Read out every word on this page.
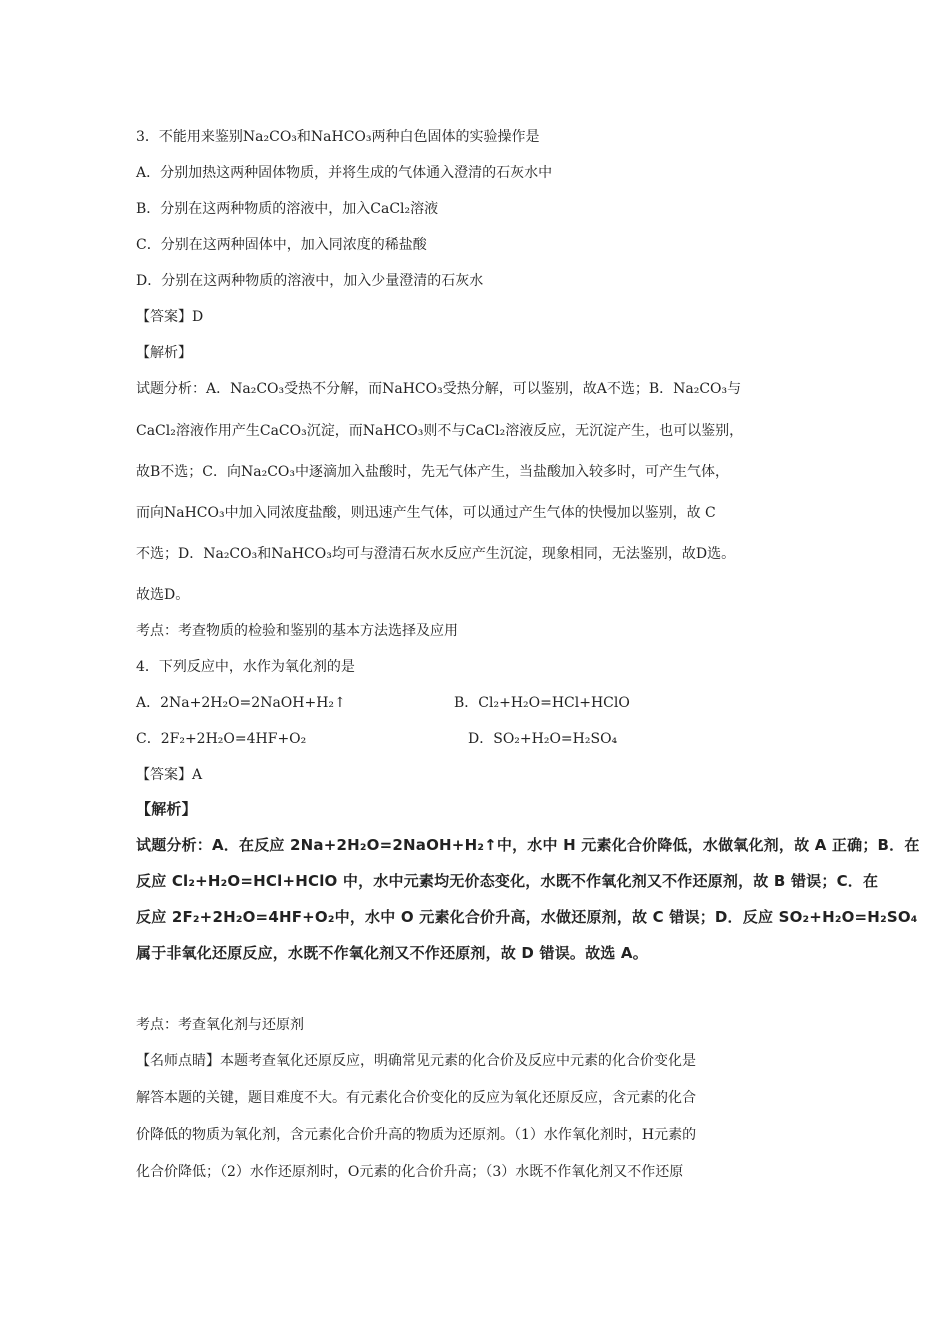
3．不能用来鉴别Na₂CO₃和NaHCO₃两种白色固体的实验操作是
A．分别加热这两种固体物质，并将生成的气体通入澄清的石灰水中
B．分别在这两种物质的溶液中，加入CaCl₂溶液
C．分别在这两种固体中，加入同浓度的稀盐酸
D．分别在这两种物质的溶液中，加入少量澄清的石灰水
【答案】D
【解析】
试题分析：A．Na₂CO₃受热不分解，而NaHCO₃受热分解，可以鉴别，故A不选；B．Na₂CO₃与
CaCl₂溶液作用产生CaCO₃沉淀，而NaHCO₃则不与CaCl₂溶液反应，无沉淀产生，也可以鉴别，
故B不选；C．向Na₂CO₃中逐滴加入盐酸时，先无气体产生，当盐酸加入较多时，可产生气体，
而向NaHCO₃中加入同浓度盐酸，则迅速产生气体，可以通过产生气体的快慢加以鉴别，故 C
不选；D．Na₂CO₃和NaHCO₃均可与澄清石灰水反应产生沉淀，现象相同，无法鉴别，故D选。
故选D。
考点：考查物质的检验和鉴别的基本方法选择及应用
4．下列反应中，水作为氧化剂的是
A．2Na+2H₂O=2NaOH+H₂↑	B．Cl₂+H₂O=HCl+HClO
C．2F₂+2H₂O=4HF+O₂	D．SO₂+H₂O=H₂SO₄
【答案】A
【解析】
试题分析：A．在反应 2Na+2H₂O=2NaOH+H₂↑中，水中 H 元素化合价降低，水做氧化剂，故 A 正确；B．在
反应 Cl₂+H₂O=HCl+HClO 中，水中元素均无价态变化，水既不作氧化剂又不作还原剂，故 B 错误；C．在
反应 2F₂+2H₂O=4HF+O₂中，水中 O 元素化合价升高，水做还原剂，故 C 错误；D．反应 SO₂+H₂O=H₂SO₄
属于非氧化还原反应，水既不作氧化剂又不作还原剂，故 D 错误。故选 A。
考点：考查氧化剂与还原剂
【名师点睛】本题考查氧化还原反应，明确常见元素的化合价及反应中元素的化合价变化是
解答本题的关键，题目难度不大。有元素化合价变化的反应为氧化还原反应，含元素的化合
价降低的物质为氧化剂，含元素化合价升高的物质为还原剂。（1）水作氧化剂时，H元素的
化合价降低；（2）水作还原剂时，O元素的化合价升高；（3）水既不作氧化剂又不作还原
